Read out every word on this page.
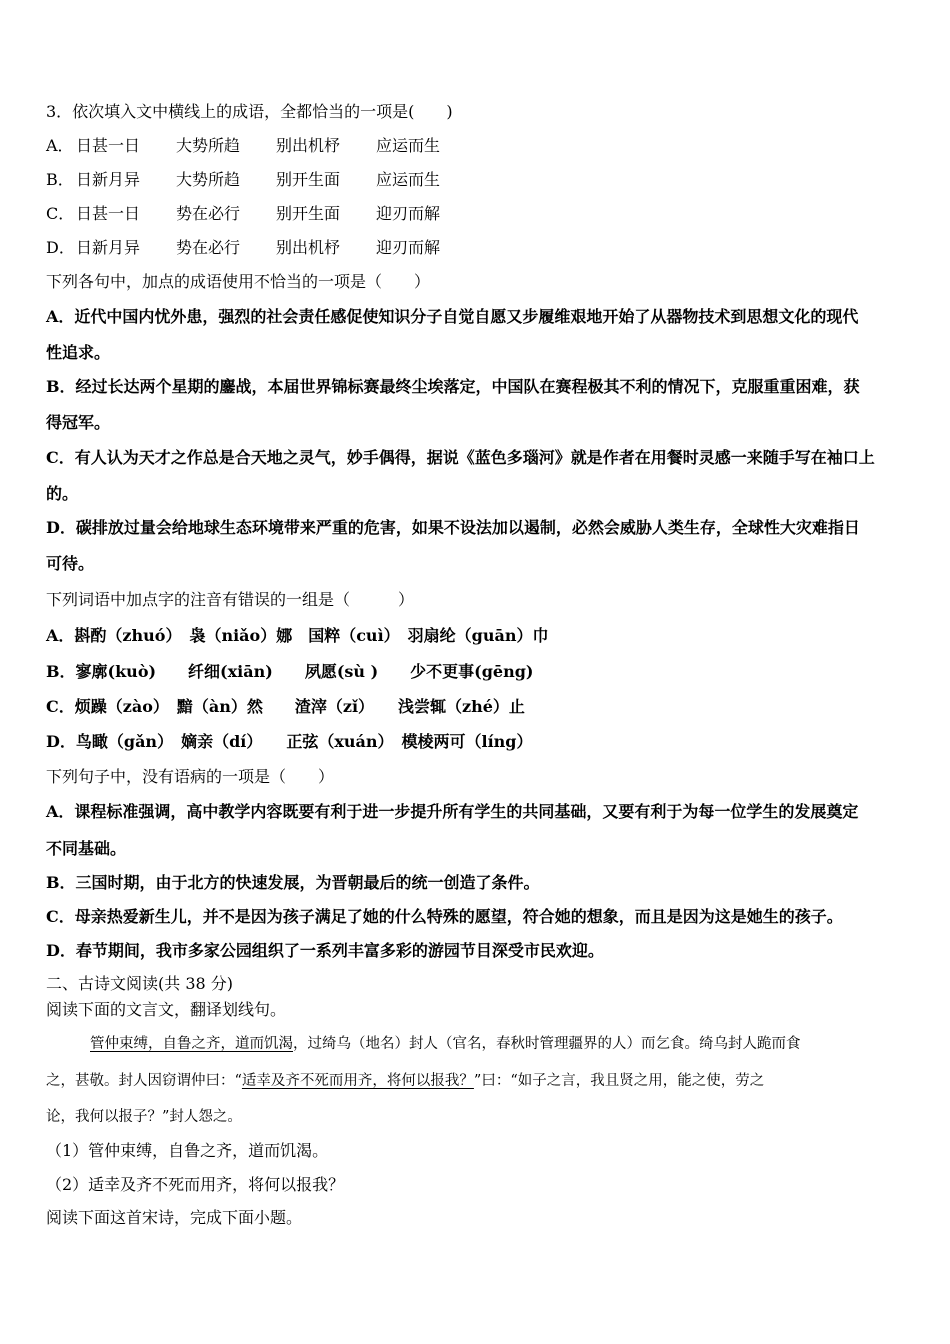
3．依次填入文中横线上的成语，全都恰当的一项是(　　)
A． 日甚一日 大势所趋 别出机杼 应运而生
B． 日新月异 大势所趋 别开生面 应运而生
C． 日甚一日 势在必行 别开生面 迎刃而解
D．日新月异 势在必行 别出机杼 迎刃而解
下列各句中，加点的成语使用不恰当的一项是（　　）
A．近代中国内忧外患，强烈的社会责任感促使知识分子自觉自愿又步履维艰地开始了从器物技术到思想文化的现代
性追求。
B．经过长达两个星期的鏖战，本届世界锦标赛最终尘埃落定，中国队在赛程极其不利的情况下，克服重重困难，获
得冠军。
C．有人认为天才之作总是合天地之灵气，妙手偶得，据说《蓝色多瑙河》就是作者在用餐时灵感一来随手写在袖口上
的。
D．碳排放过量会给地球生态环境带来严重的危害，如果不设法加以遏制，必然会威胁人类生存，全球性大灾难指日
可待。
下列词语中加点字的注音有错误的一组是（　　　）
A．斟酌（zhuó）　袅（niǎo）娜　国粹（cuì）　羽扇纶（guān）巾
B．寥廓(kuò)　　纤细(xiān)　　夙愿(sù )　　少不更事(gēng)
C．烦躁（zào）　黯（àn）然　　渣滓（zǐ）　　浅尝辄（zhé）止
D．鸟瞰（gǎn）　嫡亲（dí）　　正弦（xuán）　模棱两可（líng）
下列句子中，没有语病的一项是（　　）
A．课程标准强调，高中教学内容既要有利于进一步提升所有学生的共同基础，又要有利于为每一位学生的发展奠定
不同基础。
B．三国时期，由于北方的快速发展，为晋朝最后的统一创造了条件。
C．母亲热爱新生儿，并不是因为孩子满足了她的什么特殊的愿望，符合她的想象，而且是因为这是她生的孩子。
D．春节期间，我市多家公园组织了一系列丰富多彩的游园节目深受市民欢迎。
二、古诗文阅读(共 38 分)
阅读下面的文言文，翻译划线句。
管仲束缚，自鲁之齐，道而饥渴，过绮乌（地名）封人（官名，春秋时管理疆界的人）而乞食。绮乌封人跪而食
之，甚敬。封人因窃谓仲曰：“适幸及齐不死而用齐，将何以报我？”曰：“如子之言，我且贤之用，能之使，劳之
论，我何以报子？”封人怨之。
（1）管仲束缚，自鲁之齐，道而饥渴。
（2）适幸及齐不死而用齐，将何以报我？
阅读下面这首宋诗，完成下面小题。
